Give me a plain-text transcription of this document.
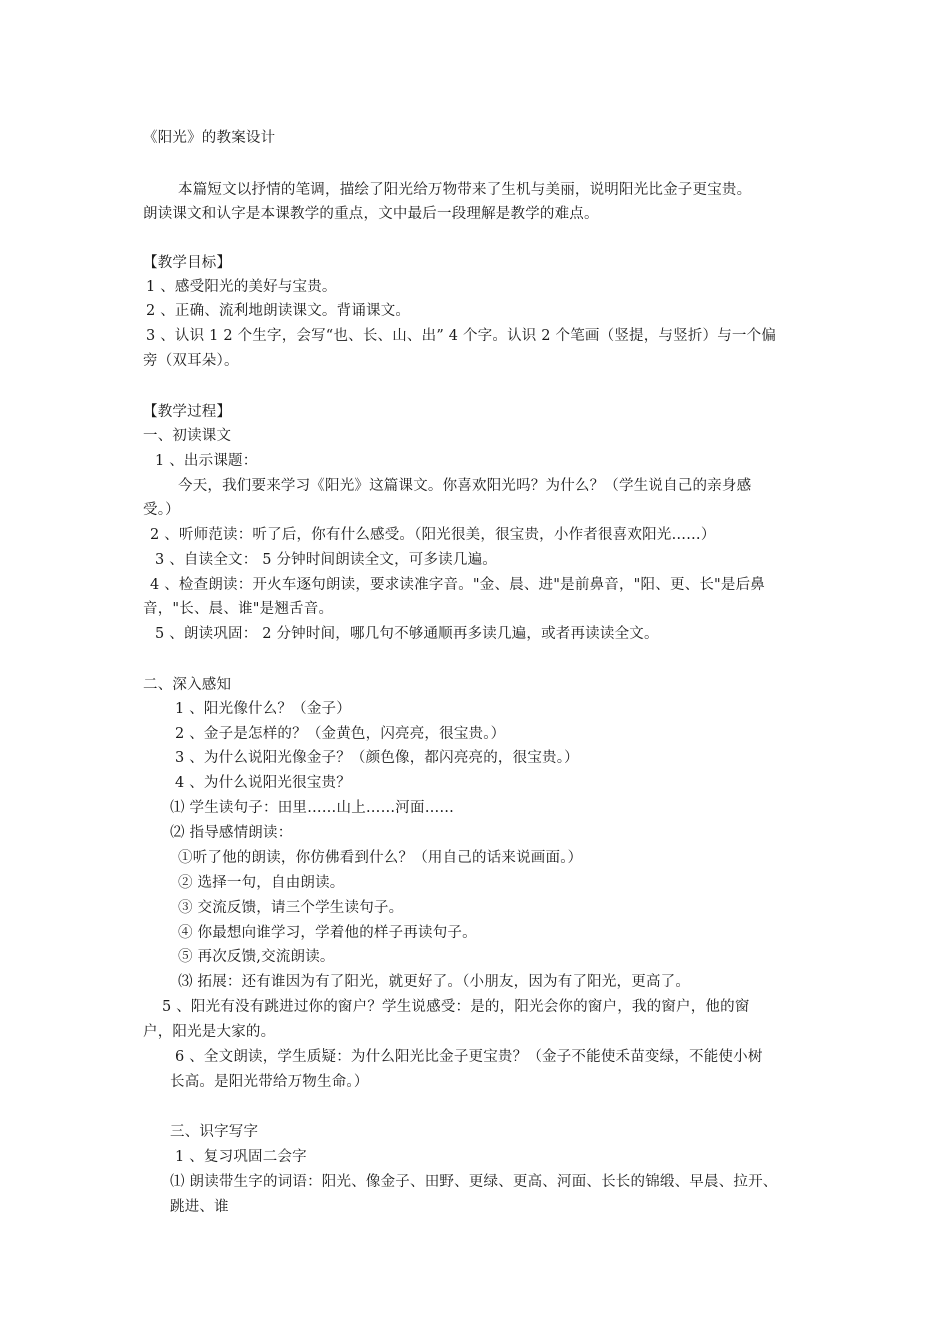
《阳光》的教案设计
本篇短文以抒情的笔调，描绘了阳光给万物带来了生机与美丽，说明阳光比金子更宝贵。
朗读课文和认字是本课教学的重点，文中最后一段理解是教学的难点。
【教学目标】
1 、感受阳光的美好与宝贵。
2 、正确、流利地朗读课文。背诵课文。
3 、认识 1 2 个生字，会写“也、长、山、出” 4 个字。认识 2 个笔画（竖提，与竖折）与一个偏
旁（双耳朵）。
【教学过程】
一、初读课文
1 、出示课题：
今天，我们要来学习《阳光》这篇课文。你喜欢阳光吗？为什么？（学生说自己的亲身感
受。）
2 、听师范读：听了后，你有什么感受。（阳光很美，很宝贵，小作者很喜欢阳光……）
3 、自读全文： 5 分钟时间朗读全文，可多读几遍。
4 、检查朗读：开火车逐句朗读，要求读准字音。"金、晨、进"是前鼻音，"阳、更、长"是后鼻
音，"长、晨、谁"是翘舌音。
5 、朗读巩固： 2 分钟时间，哪几句不够通顺再多读几遍，或者再读读全文。
二、深入感知
1 、阳光像什么？（金子）
2 、金子是怎样的？（金黄色，闪亮亮，很宝贵。）
3 、为什么说阳光像金子？（颜色像，都闪亮亮的，很宝贵。）
4 、为什么说阳光很宝贵？
⑴ 学生读句子：田里……山上……河面……
⑵ 指导感情朗读：
①听了他的朗读，你仿佛看到什么？（用自己的话来说画面。）
② 选择一句，自由朗读。
③ 交流反馈，请三个学生读句子。
④ 你最想向谁学习，学着他的样子再读句子。
⑤ 再次反馈,交流朗读。
⑶ 拓展：还有谁因为有了阳光，就更好了。（小朋友，因为有了阳光，更高了。
5 、阳光有没有跳进过你的窗户？学生说感受：是的，阳光会你的窗户，我的窗户，他的窗
户，阳光是大家的。
6 、全文朗读，学生质疑：为什么阳光比金子更宝贵？（金子不能使禾苗变绿，不能使小树
长高。是阳光带给万物生命。）
三、识字写字
1 、复习巩固二会字
⑴ 朗读带生字的词语：阳光、像金子、田野、更绿、更高、河面、长长的锦缎、早晨、拉开、
跳进、谁
